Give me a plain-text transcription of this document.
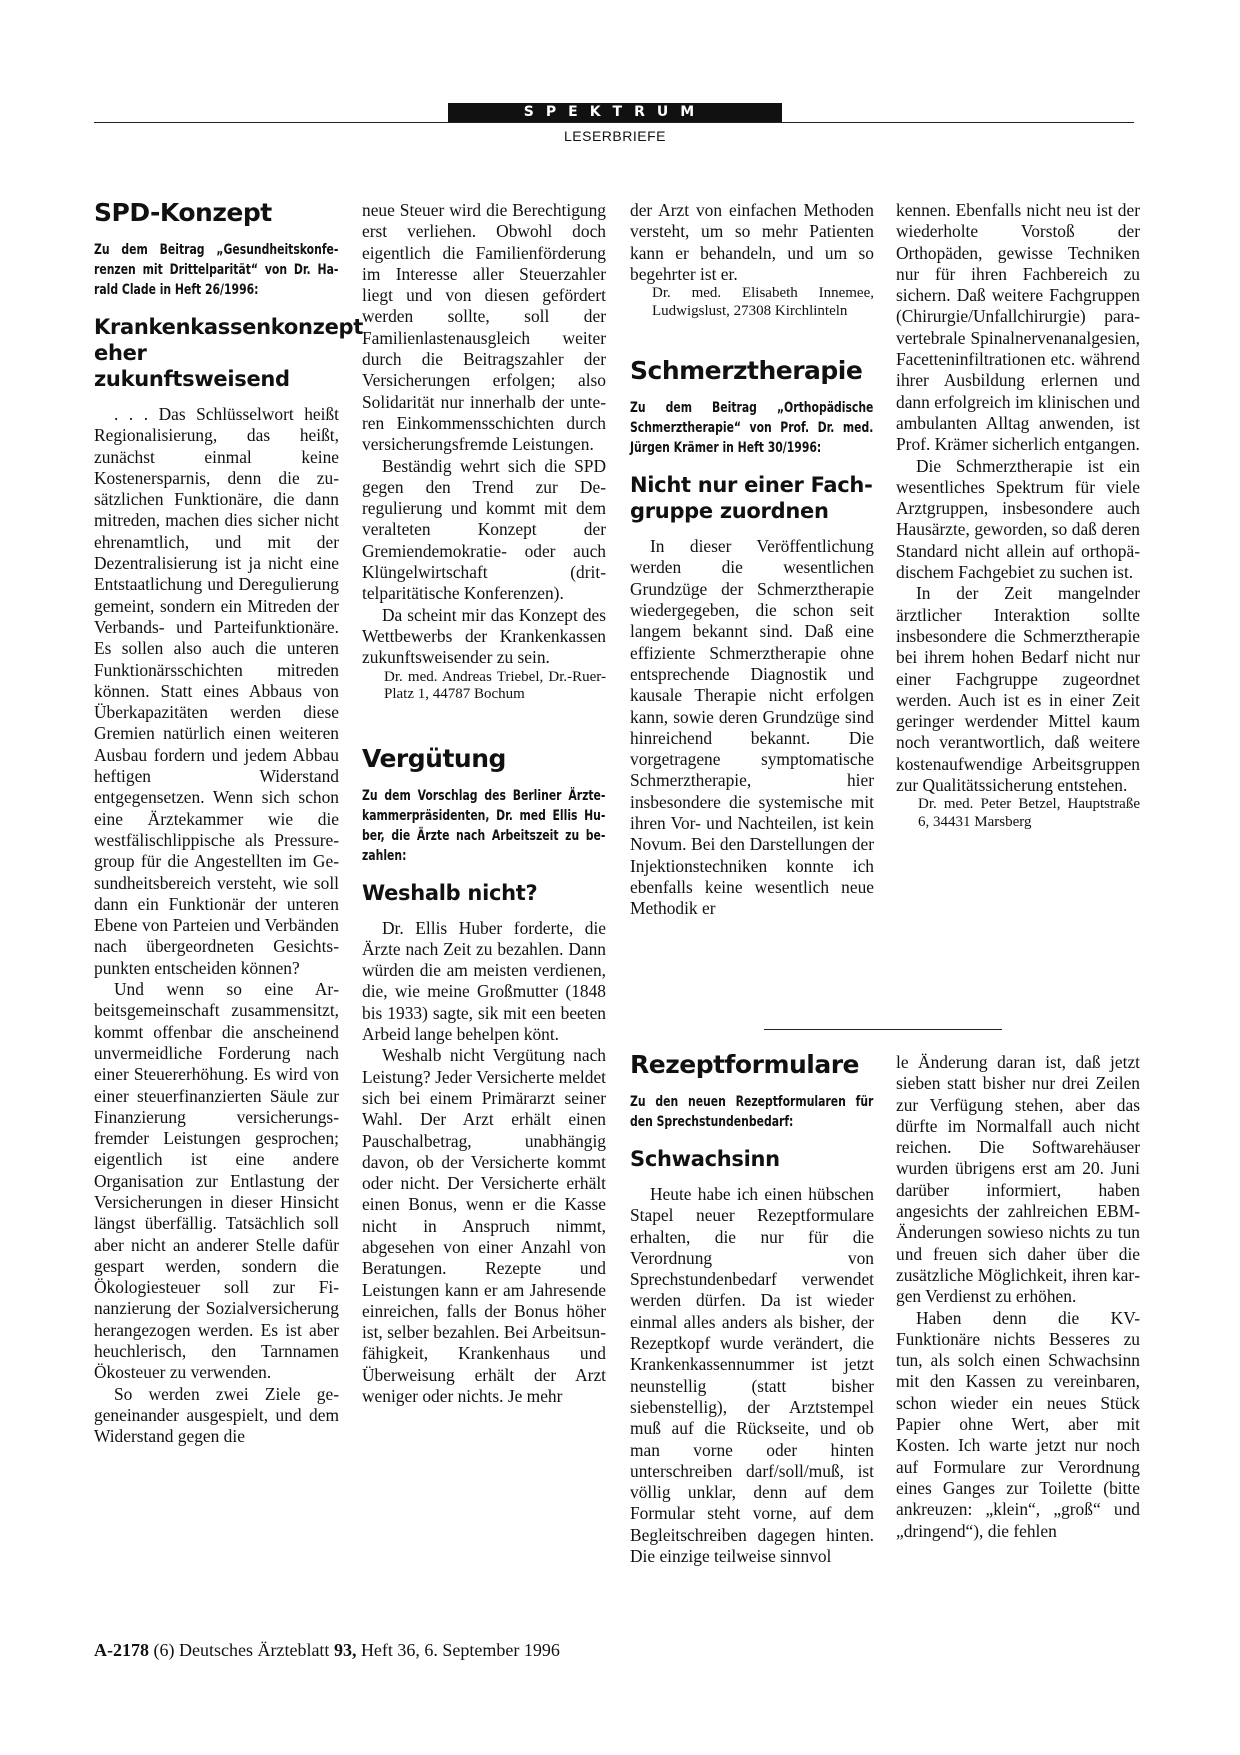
SPEKTRUM
LESERBRIEFE
SPD-Konzept
Zu dem Beitrag „Gesundheitskonferenzen mit Drittelparität“ von Dr. Harald Clade in Heft 26/1996:
Krankenkassenkonzept eher zukunftsweisend

. . . Das Schlüsselwort heißt Regionalisierung, das heißt, zunächst einmal keine Kostenersparnis, denn die zusätzlichen Funktionäre, die dann mitreden, machen dies sicher nicht ehrenamtlich, und mit der Dezentralisierung ist ja nicht eine Entstaatlichung und Deregulierung gemeint, sondern ein Mitreden der Verbands- und Parteifunktionäre. Es sollen also auch die unteren Funktionärsschichten mitreden können. Statt eines Abbaus von Überkapazitäten werden diese Gremien natürlich einen weiteren Ausbau fordern und jedem Abbau heftigen Widerstand entgegensetzen. Wenn sich schon eine Ärztekammer wie die westfälischlippische als Pressure-group für die Angestellten im Gesundheitsbereich versteht, wie soll dann ein Funktionär der unteren Ebene von Parteien und Verbänden nach übergeordneten Gesichtspunkten entscheiden können?

Und wenn so eine Arbeitsgemeinschaft zusammensitzt, kommt offenbar die anscheinend unvermeidliche Forderung nach einer Steuererhöhung. Es wird von einer steuerfinanzierten Säule zur Finanzierung versicherungsfremder Leistungen gesprochen; eigentlich ist eine andere Organisation zur Entlastung der Versicherungen in dieser Hinsicht längst überfällig. Tatsächlich soll aber nicht an anderer Stelle dafür gespart werden, sondern die Ökologiesteuer soll zur Finanzierung der Sozialversicherung herangezogen werden. Es ist aber heuchlerisch, den Tarnnamen Ökosteuer zu verwenden.

So werden zwei Ziele gegeneinander ausgespielt, und dem Widerstand gegen die

neue Steuer wird die Berechtigung erst verliehen. Obwohl doch eigentlich die Familienförderung im Interesse aller Steuerzahler liegt und von diesen gefördert werden sollte, soll der Familienlastenausgleich weiter durch die Beitragszahler der Versicherungen erfolgen; also Solidarität nur innerhalb der unteren Einkommensschichten durch versicherungsfremde Leistungen.

Beständig wehrt sich die SPD gegen den Trend zur Deregulierung und kommt mit dem veralteten Konzept der Gremiendemokratie- oder auch Klüngelwirtschaft (drittelparitätische Konferenzen).

Da scheint mir das Konzept des Wettbewerbs der Krankenkassen zukunftsweisender zu sein.

Dr. med. Andreas Triebel, Dr.-Ruer-Platz 1, 44787 Bochum

Vergütung
Zu dem Vorschlag des Berliner Ärztekammerpräsidenten, Dr. med Ellis Huber, die Ärzte nach Arbeitszeit zu bezahlen:
Weshalb nicht?

Dr. Ellis Huber forderte, die Ärzte nach Zeit zu bezahlen. Dann würden die am meisten verdienen, die, wie meine Großmutter (1848 bis 1933) sagte, sik mit een beeten Arbeid lange behelpen könt.

Weshalb nicht Vergütung nach Leistung? Jeder Versicherte meldet sich bei einem Primärarzt seiner Wahl. Der Arzt erhält einen Pauschalbetrag, unabhängig davon, ob der Versicherte kommt oder nicht. Der Versicherte erhält einen Bonus, wenn er die Kasse nicht in Anspruch nimmt, abgesehen von einer Anzahl von Beratungen. Rezepte und Leistungen kann er am Jahresende einreichen, falls der Bonus höher ist, selber bezahlen. Bei Arbeitsunfähigkeit, Krankenhaus und Überweisung erhält der Arzt weniger oder nichts. Je mehr

der Arzt von einfachen Methoden versteht, um so mehr Patienten kann er behandeln, und um so begehrter ist er.

Dr. med. Elisabeth Innemee, Ludwigslust, 27308 Kirchlinteln

Schmerztherapie
Zu dem Beitrag „Orthopädische Schmerztherapie“ von Prof. Dr. med. Jürgen Krämer in Heft 30/1996:
Nicht nur einer Fachgruppe zuordnen

In dieser Veröffentlichung werden die wesentlichen Grundzüge der Schmerztherapie wiedergegeben, die schon seit langem bekannt sind. Daß eine effiziente Schmerztherapie ohne entsprechende Diagnostik und kausale Therapie nicht erfolgen kann, sowie deren Grundzüge sind hinreichend bekannt. Die vorgetragene symptomatische Schmerztherapie, hier insbesondere die systemische mit ihren Vor- und Nachteilen, ist kein Novum. Bei den Darstellungen der Injektionstechniken konnte ich ebenfalls keine wesentlich neue Methodik er

kennen. Ebenfalls nicht neu ist der wiederholte Vorstoß der Orthopäden, gewisse Techniken nur für ihren Fachbereich zu sichern. Daß weitere Fachgruppen (Chirurgie/Unfallchirurgie) paravertebrale Spinalnervenanalgesien, Facetteninfiltrationen etc. während ihrer Ausbildung erlernen und dann erfolgreich im klinischen und ambulanten Alltag anwenden, ist Prof. Krämer sicherlich entgangen.

Die Schmerztherapie ist ein wesentliches Spektrum für viele Arztgruppen, insbesondere auch Hausärzte, geworden, so daß deren Standard nicht allein auf orthopädischem Fachgebiet zu suchen ist.

In der Zeit mangelnder ärztlicher Interaktion sollte insbesondere die Schmerztherapie bei ihrem hohen Bedarf nicht nur einer Fachgruppe zugeordnet werden. Auch ist es in einer Zeit geringer werdender Mittel kaum noch verantwortlich, daß weitere kostenaufwendige Arbeitsgruppen zur Qualitätssicherung entstehen.

Dr. med. Peter Betzel, Hauptstraße 6, 34431 Marsberg

Rezeptformulare
Zu den neuen Rezeptformularen für den Sprechstundenbedarf:
Schwachsinn

Heute habe ich einen hübschen Stapel neuer Rezeptformulare erhalten, die nur für die Verordnung von Sprechstundenbedarf verwendet werden dürfen. Da ist wieder einmal alles anders als bisher, der Rezeptkopf wurde verändert, die Krankenkassennummer ist jetzt neunstellig (statt bisher siebenstellig), der Arztstempel muß auf die Rückseite, und ob man vorne oder hinten unterschreiben darf/soll/muß, ist völlig unklar, denn auf dem Formular steht vorne, auf dem Begleitschreiben dagegen hinten. Die einzige teilweise sinnvol

le Änderung daran ist, daß jetzt sieben statt bisher nur drei Zeilen zur Verfügung stehen, aber das dürfte im Normalfall auch nicht reichen. Die Softwarehäuser wurden übrigens erst am 20. Juni darüber informiert, haben angesichts der zahlreichen EBM-Änderungen sowieso nichts zu tun und freuen sich daher über die zusätzliche Möglichkeit, ihren kargen Verdienst zu erhöhen.

Haben denn die KV-Funktionäre nichts Besseres zu tun, als solch einen Schwachsinn mit den Kassen zu vereinbaren, schon wieder ein neues Stück Papier ohne Wert, aber mit Kosten. Ich warte jetzt nur noch auf Formulare zur Verordnung eines Ganges zur Toilette (bitte ankreuzen: „klein“, „groß“ und „dringend“), die fehlen

A-2178 (6) Deutsches Ärzteblatt 93, Heft 36, 6. September 1996
